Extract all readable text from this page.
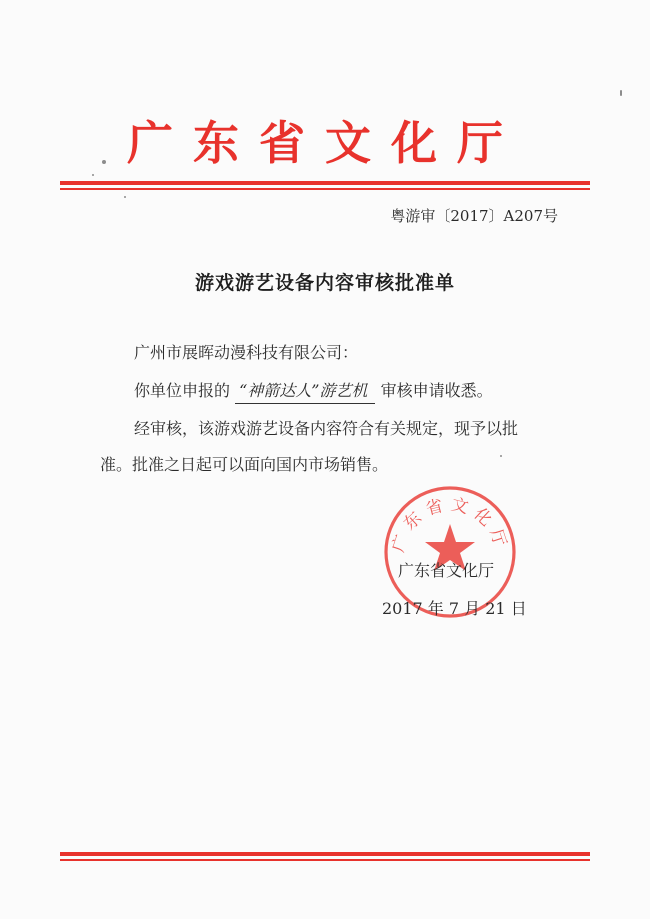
广东省文化厅
粤游审〔2017〕A207号
游戏游艺设备内容审核批准单
广州市展晖动漫科技有限公司：
你单位申报的 “神箭达人”游艺机 审核申请收悉。
经审核，该游戏游艺设备内容符合有关规定，现予以批
准。批准之日起可以面向国内市场销售。
广东省文化厅
广东省文化厅
2017 年 7 月 21 日
